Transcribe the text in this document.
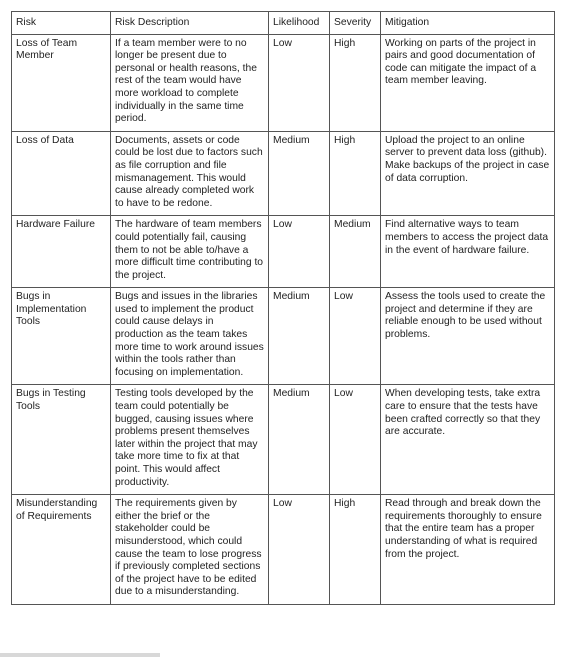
Risk	Risk Description	Likelihood	Severity	Mitigation
Loss of Team Member	If a team member were to no longer be present due to personal or health reasons, the rest of the team would have more workload to complete individually in the same time period.	Low	High	Working on parts of the project in pairs and good documentation of code can mitigate the impact of a team member leaving.
Loss of Data	Documents, assets or code could be lost due to factors such as file corruption and file mismanagement. This would cause already completed work to have to be redone.	Medium	High	Upload the project to an online server to prevent data loss (github). Make backups of the project in case of data corruption.
Hardware Failure	The hardware of team members could potentially fail, causing them to not be able to/have a more difficult time contributing to the project.	Low	Medium	Find alternative ways to team members to access the project data in the event of hardware failure.
Bugs in Implementation Tools	Bugs and issues in the libraries used to implement the product could cause delays in production as the team takes more time to work around issues within the tools rather than focusing on implementation.	Medium	Low	Assess the tools used to create the project and determine if they are reliable enough to be used without problems.
Bugs in Testing Tools	Testing tools developed by the team could potentially be bugged, causing issues where problems present themselves later within the project that may take more time to fix at that point. This would affect productivity.	Medium	Low	When developing tests, take extra care to ensure that the tests have been crafted correctly so that they are accurate.
Misunderstanding of Requirements	The requirements given by either the brief or the stakeholder could be misunderstood, which could cause the team to lose progress if previously completed sections of the project have to be edited due to a misunderstanding.	Low	High	Read through and break down the requirements thoroughly to ensure that the entire team has a proper understanding of what is required from the project.
